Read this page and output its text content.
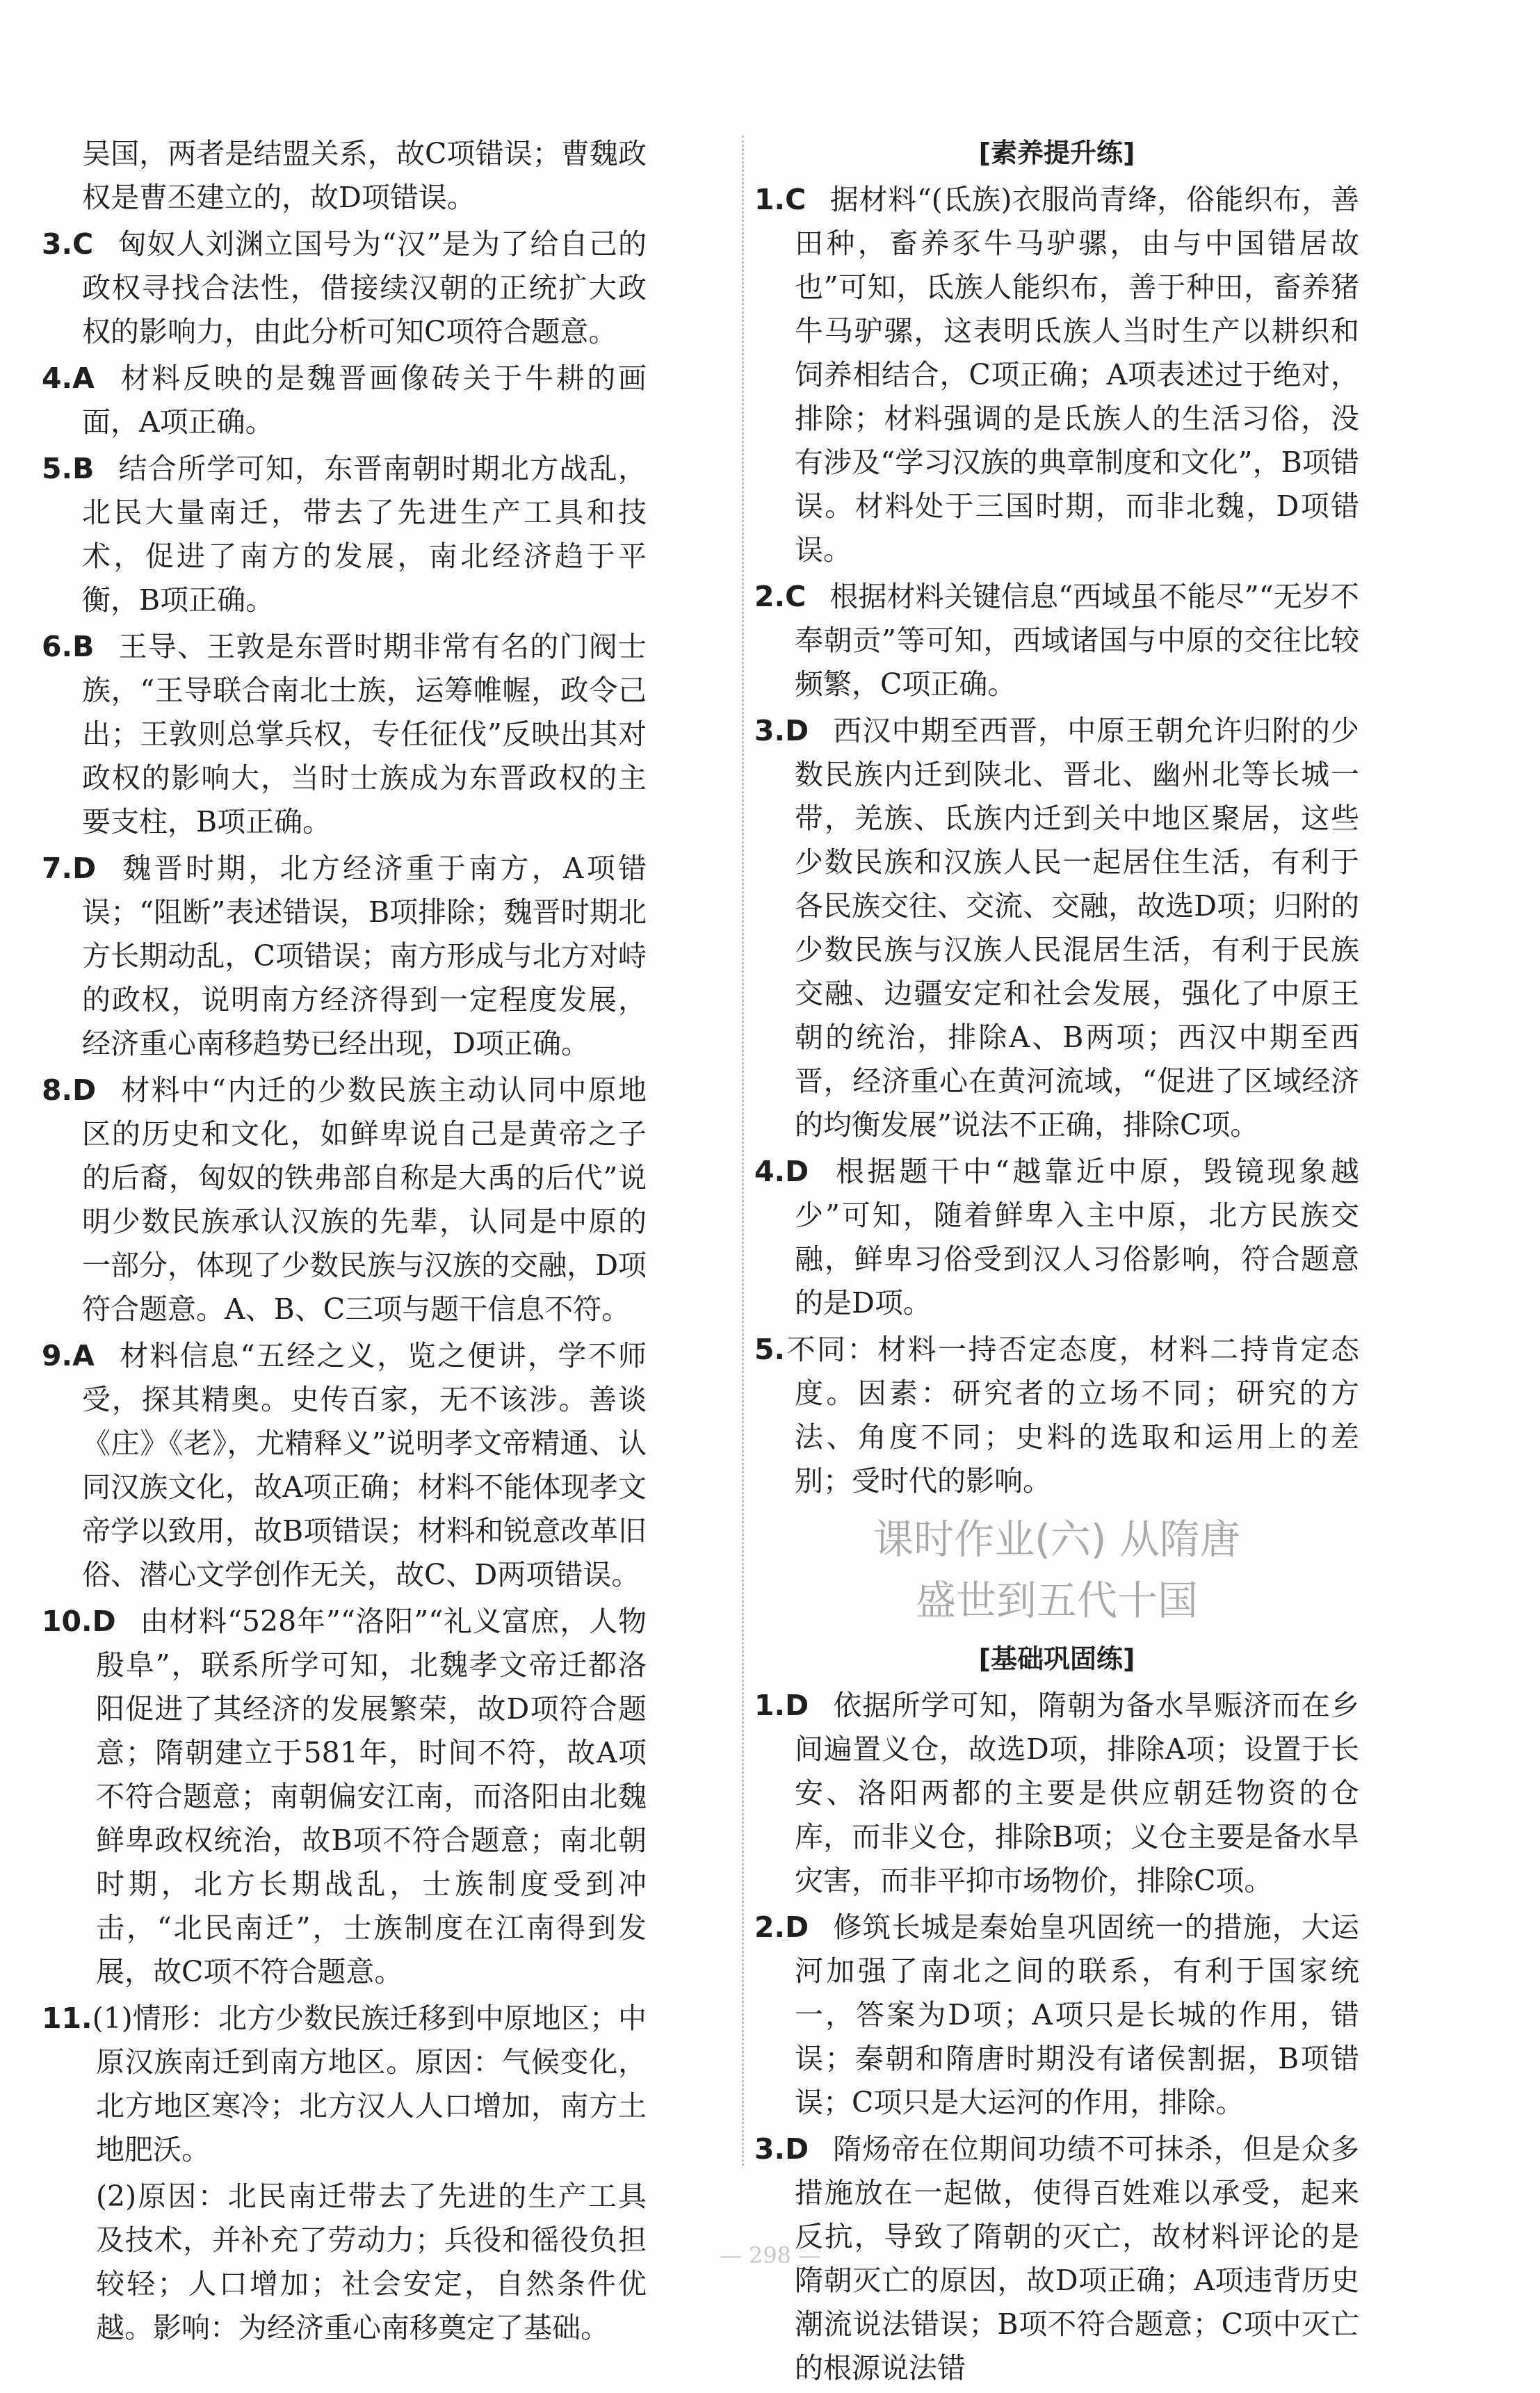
吴国，两者是结盟关系，故C项错误；曹魏政权是曹丕建立的，故D项错误。
3.C 匈奴人刘渊立国号为“汉”是为了给自己的政权寻找合法性，借接续汉朝的正统扩大政权的影响力，由此分析可知C项符合题意。
4.A 材料反映的是魏晋画像砖关于牛耕的画面，A项正确。
5.B 结合所学可知，东晋南朝时期北方战乱，北民大量南迁，带去了先进生产工具和技术，促进了南方的发展，南北经济趋于平衡，B项正确。
6.B 王导、王敦是东晋时期非常有名的门阀士族，“王导联合南北士族，运筹帷幄，政令己出；王敦则总掌兵权，专任征伐”反映出其对政权的影响大，当时士族成为东晋政权的主要支柱，B项正确。
7.D 魏晋时期，北方经济重于南方，A项错误；“阻断”表述错误，B项排除；魏晋时期北方长期动乱，C项错误；南方形成与北方对峙的政权，说明南方经济得到一定程度发展，经济重心南移趋势已经出现，D项正确。
8.D 材料中“内迁的少数民族主动认同中原地区的历史和文化，如鲜卑说自己是黄帝之子的后裔，匈奴的铁弗部自称是大禹的后代”说明少数民族承认汉族的先辈，认同是中原的一部分，体现了少数民族与汉族的交融，D项符合题意。A、B、C三项与题干信息不符。
9.A 材料信息“五经之义，览之便讲，学不师受，探其精奥。史传百家，无不该涉。善谈《庄》《老》，尤精释义”说明孝文帝精通、认同汉族文化，故A项正确；材料不能体现孝文帝学以致用，故B项错误；材料和锐意改革旧俗、潜心文学创作无关，故C、D两项错误。
10.D 由材料“528年”“洛阳”“礼义富庶，人物殷阜”，联系所学可知，北魏孝文帝迁都洛阳促进了其经济的发展繁荣，故D项符合题意；隋朝建立于581年，时间不符，故A项不符合题意；南朝偏安江南，而洛阳由北魏鲜卑政权统治，故B项不符合题意；南北朝时期，北方长期战乱，士族制度受到冲击，“北民南迁”，士族制度在江南得到发展，故C项不符合题意。
11.(1)情形：北方少数民族迁移到中原地区；中原汉族南迁到南方地区。原因：气候变化，北方地区寒冷；北方汉人人口增加，南方土地肥沃。
(2)原因：北民南迁带去了先进的生产工具及技术，并补充了劳动力；兵役和徭役负担较轻；人口增加；社会安定，自然条件优越。影响：为经济重心南移奠定了基础。
[素养提升练]
1.C 据材料“(氐族)衣服尚青绛，俗能织布，善田种，畜养豕牛马驴骡，由与中国错居故也”可知，氐族人能织布，善于种田，畜养猪牛马驴骡，这表明氐族人当时生产以耕织和饲养相结合，C项正确；A项表述过于绝对，排除；材料强调的是氐族人的生活习俗，没有涉及“学习汉族的典章制度和文化”，B项错误。材料处于三国时期，而非北魏，D项错误。
2.C 根据材料关键信息“西域虽不能尽”“无岁不奉朝贡”等可知，西域诸国与中原的交往比较频繁，C项正确。
3.D 西汉中期至西晋，中原王朝允许归附的少数民族内迁到陕北、晋北、幽州北等长城一带，羌族、氐族内迁到关中地区聚居，这些少数民族和汉族人民一起居住生活，有利于各民族交往、交流、交融，故选D项；归附的少数民族与汉族人民混居生活，有利于民族交融、边疆安定和社会发展，强化了中原王朝的统治，排除A、B两项；西汉中期至西晋，经济重心在黄河流域，“促进了区域经济的均衡发展”说法不正确，排除C项。
4.D 根据题干中“越靠近中原，毁镜现象越少”可知，随着鲜卑入主中原，北方民族交融，鲜卑习俗受到汉人习俗影响，符合题意的是D项。
5.不同：材料一持否定态度，材料二持肯定态度。因素：研究者的立场不同；研究的方法、角度不同；史料的选取和运用上的差别；受时代的影响。
课时作业(六) 从隋唐
盛世到五代十国
[基础巩固练]
1.D 依据所学可知，隋朝为备水旱赈济而在乡间遍置义仓，故选D项，排除A项；设置于长安、洛阳两都的主要是供应朝廷物资的仓库，而非义仓，排除B项；义仓主要是备水旱灾害，而非平抑市场物价，排除C项。
2.D 修筑长城是秦始皇巩固统一的措施，大运河加强了南北之间的联系，有利于国家统一，答案为D项；A项只是长城的作用，错误；秦朝和隋唐时期没有诸侯割据，B项错误；C项只是大运河的作用，排除。
3.D 隋炀帝在位期间功绩不可抹杀，但是众多措施放在一起做，使得百姓难以承受，起来反抗，导致了隋朝的灭亡，故材料评论的是隋朝灭亡的原因，故D项正确；A项违背历史潮流说法错误；B项不符合题意；C项中灭亡的根源说法错
— 298 —
